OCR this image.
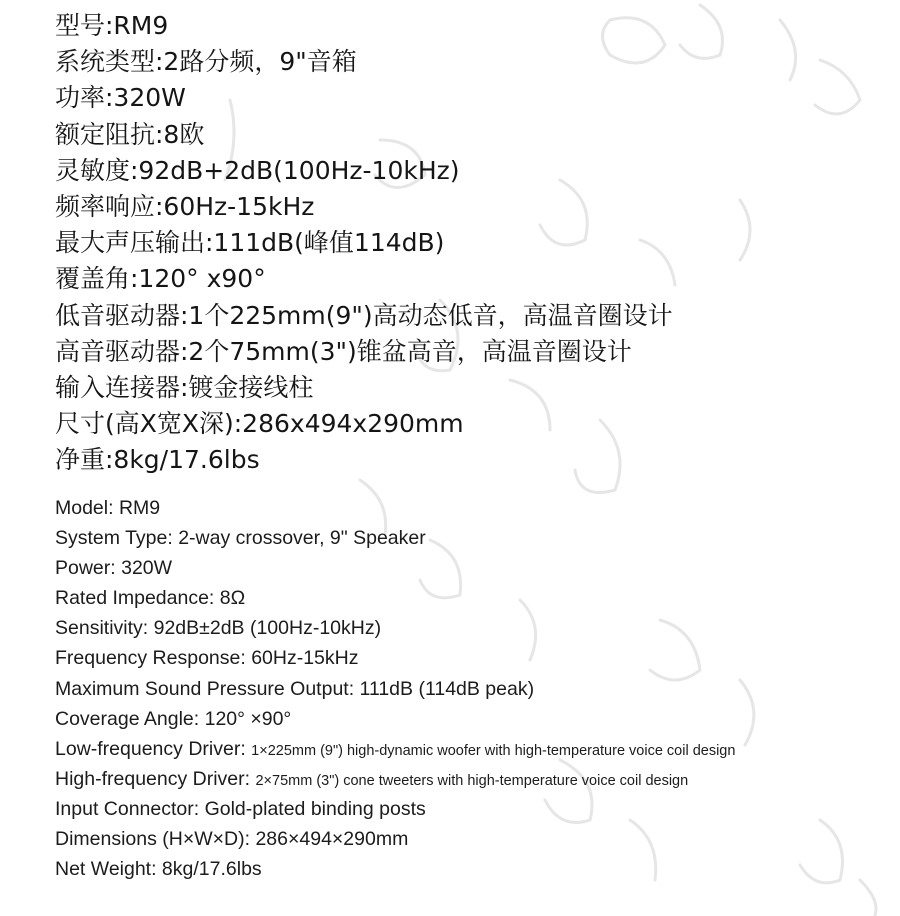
型号:RM9
系统类型:2路分频，9"音箱
功率:320W
额定阻抗:8欧
灵敏度:92dB+2dB(100Hz-10kHz)
频率响应:60Hz-15kHz
最大声压输出:111dB(峰值114dB)
覆盖角:120° x90°
低音驱动器:1个225mm(9")高动态低音，高温音圈设计
高音驱动器:2个75mm(3")锥盆高音，高温音圈设计
输入连接器:镀金接线柱
尺寸(高X宽X深):286x494x290mm
净重:8kg/17.6lbs
Model: RM9
System Type: 2-way crossover, 9" Speaker
Power: 320W
Rated Impedance: 8Ω
Sensitivity: 92dB±2dB (100Hz-10kHz)
Frequency Response: 60Hz-15kHz
Maximum Sound Pressure Output: 111dB (114dB peak)
Coverage Angle: 120° ×90°
Low-frequency Driver: 1×225mm (9") high-dynamic woofer with high-temperature voice coil design
High-frequency Driver: 2×75mm (3") cone tweeters with high-temperature voice coil design
Input Connector: Gold-plated binding posts
Dimensions (H×W×D): 286×494×290mm
Net Weight: 8kg/17.6lbs
